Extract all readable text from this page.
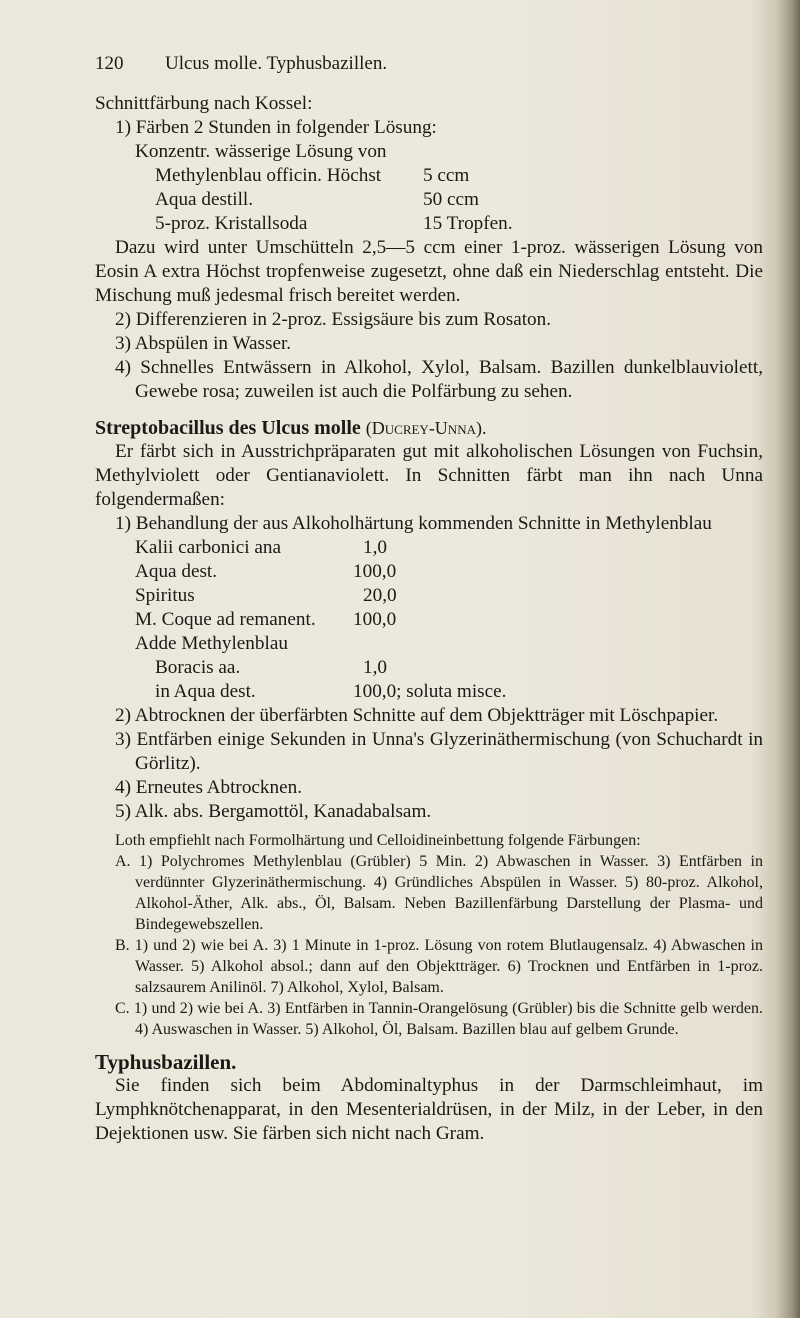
120	Ulcus molle. Typhusbazillen.

Schnittfärbung nach Kossel:

1) Färben 2 Stunden in folgender Lösung:

Konzentr. wässerige Lösung von

Methylenblau officin. Höchst	5 ccm
Aqua destill.	50 ccm
5-proz. Kristallsoda	15 Tropfen.

Dazu wird unter Umschütteln 2,5—5 ccm einer 1-proz. wässerigen Lösung von Eosin A extra Höchst tropfenweise zugesetzt, ohne daß ein Niederschlag entsteht. Die Mischung muß jedesmal frisch bereitet werden.

2) Differenzieren in 2-proz. Essigsäure bis zum Rosaton.

3) Abspülen in Wasser.

4) Schnelles Entwässern in Alkohol, Xylol, Balsam. Bazillen dunkelblauviolett, Gewebe rosa; zuweilen ist auch die Polfärbung zu sehen.

Streptobacillus des Ulcus molle (Ducrey-Unna).

Er färbt sich in Ausstrichpräparaten gut mit alkoholischen Lösungen von Fuchsin, Methylviolett oder Gentianaviolett. In Schnitten färbt man ihn nach Unna folgendermaßen:

1) Behandlung der aus Alkoholhärtung kommenden Schnitte in Methylenblau

Kalii carbonici ana	1,0
Aqua dest.	100,0
Spiritus	20,0
M. Coque ad remanent.	100,0

Adde Methylenblau

Boracis aa.	1,0
in Aqua dest.	100,0; soluta misce.

2) Abtrocknen der überfärbten Schnitte auf dem Objektträger mit Löschpapier.

3) Entfärben einige Sekunden in Unna's Glyzerinäthermischung (von Schuchardt in Görlitz).

4) Erneutes Abtrocknen.

5) Alk. abs. Bergamottöl, Kanadabalsam.

Loth empfiehlt nach Formolhärtung und Celloidineinbettung folgende Färbungen:

A. 1) Polychromes Methylenblau (Grübler) 5 Min. 2) Abwaschen in Wasser. 3) Entfärben in verdünnter Glyzerinäthermischung. 4) Gründliches Abspülen in Wasser. 5) 80-proz. Alkohol, Alkohol-Äther, Alk. abs., Öl, Balsam. Neben Bazillenfärbung Darstellung der Plasma- und Bindegewebszellen.

B. 1) und 2) wie bei A. 3) 1 Minute in 1-proz. Lösung von rotem Blutlaugensalz. 4) Abwaschen in Wasser. 5) Alkohol absol.; dann auf den Objektträger. 6) Trocknen und Entfärben in 1-proz. salzsaurem Anilinöl. 7) Alkohol, Xylol, Balsam.

C. 1) und 2) wie bei A. 3) Entfärben in Tannin-Orangelösung (Grübler) bis die Schnitte gelb werden. 4) Auswaschen in Wasser. 5) Alkohol, Öl, Balsam. Bazillen blau auf gelbem Grunde.

Typhusbazillen.

Sie finden sich beim Abdominaltyphus in der Darmschleimhaut, im Lymphknötchenapparat, in den Mesenterialdrüsen, in der Milz, in der Leber, in den Dejektionen usw. Sie färben sich nicht nach Gram.
